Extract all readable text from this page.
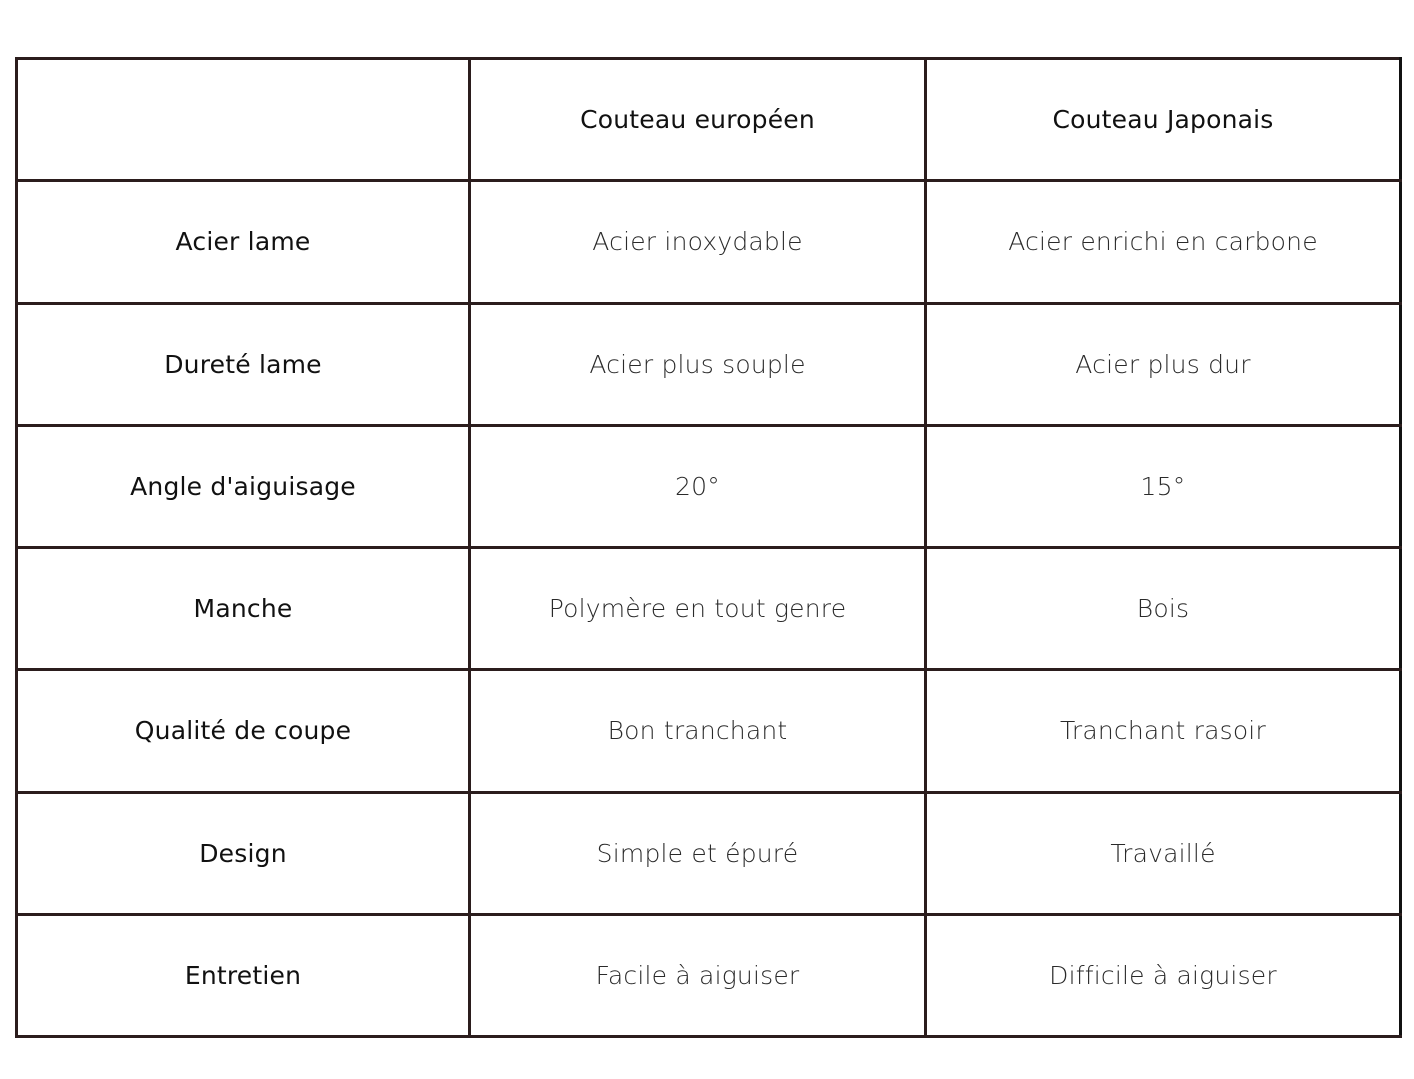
	Couteau européen	Couteau Japonais
Acier lame	Acier inoxydable	Acier enrichi en carbone
Dureté lame	Acier plus souple	Acier plus dur
Angle d'aiguisage	20°	15°
Manche	Polymère en tout genre	Bois
Qualité de coupe	Bon tranchant	Tranchant rasoir
Design	Simple et épuré	Travaillé
Entretien	Facile à aiguiser	Difficile à aiguiser
